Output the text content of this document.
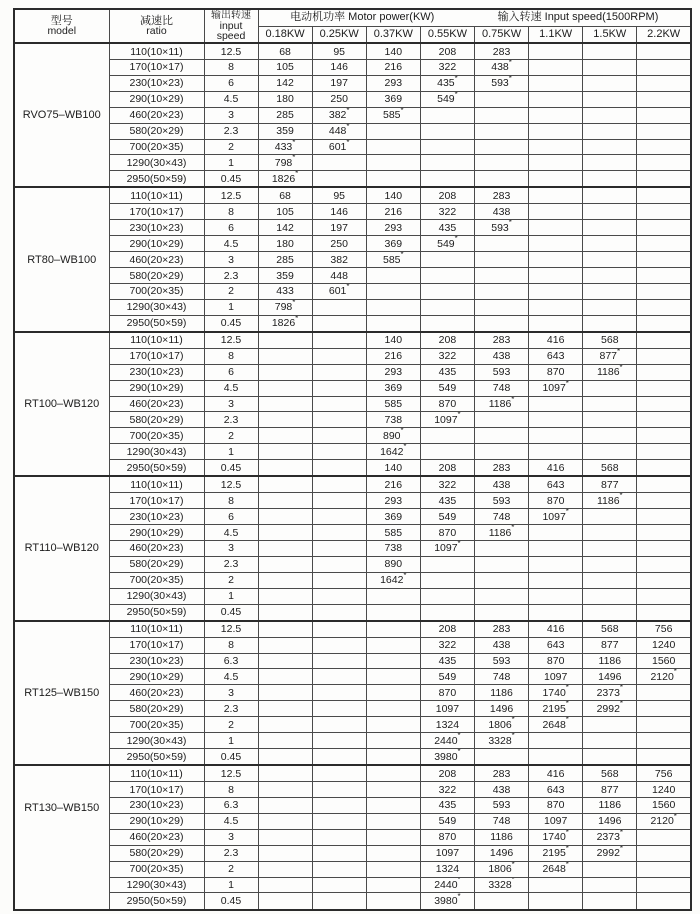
型号
model

减速比
ratio

输出转速
input
speed

电动机功率 Motor power(KW)	输入转速 Input speed(1500RPM)

			0.18KW	0.25KW	0.37KW	0.55KW	0.75KW	1.1KW	1.5KW	2.2KW
RVO75–WB100	110(10×11)	12.5	68	95	140	208	283			
	170(10×17)	8	105	146	216	322	438*			
	230(10×23)	6	142	197	293	435*	593*			
	290(10×29)	4.5	180	250	369	549*				
	460(20×23)	3	285	382*	585*					
	580(20×29)	2.3	359	448*						
	700(20×35)	2	433*	601*						
	1290(30×43)	1	798*							
	2950(50×59)	0.45	1826*							
RT80–WB100	110(10×11)	12.5	68	95	140	208	283			
	170(10×17)	8	105	146	216	322	438			
	230(10×23)	6	142	197	293	435	593*			
	290(10×29)	4.5	180	250	369	549*				
	460(20×23)	3	285	382	585*					
	580(20×29)	2.3	359	448						
	700(20×35)	2	433	601*						
	1290(30×43)	1	798*							
	2950(50×59)	0.45	1826*							
RT100–WB120	110(10×11)	12.5			140	208	283	416	568	
	170(10×17)	8			216	322	438	643	877*	
	230(10×23)	6			293	435	593	870	1186*	
	290(10×29)	4.5			369	549	748	1097*		
	460(20×23)	3			585	870	1186*			
	580(20×29)	2.3			738	1097*				
	700(20×35)	2			890*					
	1290(30×43)	1			1642*					
	2950(50×59)	0.45			140	208	283	416	568	
RT110–WB120	110(10×11)	12.5			216	322	438	643	877	
	170(10×17)	8			293	435	593	870	1186*	
	230(10×23)	6			369	549	748	1097*		
	290(10×29)	4.5			585	870	1186*			
	460(20×23)	3			738	1097*				
	580(20×29)	2.3			890					
	700(20×35)	2			1642*					
	1290(30×43)	1								
	2950(50×59)	0.45								
RT125–WB150	110(10×11)	12.5				208	283	416	568	756
	170(10×17)	8				322	438	643	877	1240
	230(10×23)	6.3				435	593	870	1186	1560
	290(10×29)	4.5				549	748	1097	1496	2120*
	460(20×23)	3				870	1186	1740*	2373*	
	580(20×29)	2.3				1097	1496	2195*	2992*	
	700(20×35)	2				1324	1806*	2648*		
	1290(30×43)	1				2440*	3328*			
	2950(50×59)	0.45				3980*				
RT130–WB150	110(10×11)	12.5				208	283	416	568	756
	170(10×17)	8				322	438	643	877	1240
	230(10×23)	6.3				435	593	870	1186	1560
	290(10×29)	4.5				549	748	1097	1496	2120*
	460(20×23)	3				870	1186	1740*	2373*	
	580(20×29)	2.3				1097	1496	2195*	2992*	
	700(20×35)	2				1324	1806*	2648*		
	1290(30×43)	1				2440*	3328*			
	2950(50×59)	0.45				3980*				
